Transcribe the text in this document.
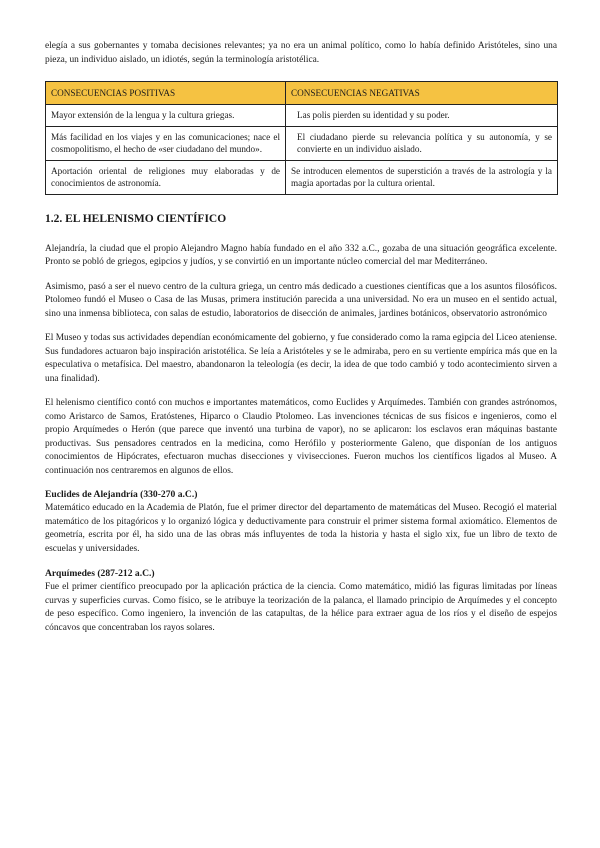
elegía a sus gobernantes y tomaba decisiones relevantes; ya no era un animal político, como lo había definido Aristóteles, sino una pieza, un individuo aislado, un idiotés, según la terminología aristotélica.

CONSECUENCIAS POSITIVAS	CONSECUENCIAS NEGATIVAS
Mayor extensión de la lengua y la cultura griegas.	Las polis pierden su identidad y su poder.
Más facilidad en los viajes y en las comunicaciones; nace el cosmopolitismo, el hecho de «ser ciudadano del mundo».	El ciudadano pierde su relevancia política y su autonomía, y se convierte en un individuo aislado.
Aportación oriental de religiones muy elaboradas y de conocimientos de astronomía.	Se introducen elementos de superstición a través de la astrología y la magia aportadas por la cultura oriental.
1.2. EL HELENISMO CIENTÍFICO

Alejandría, la ciudad que el propio Alejandro Magno había fundado en el año 332 a.C., gozaba de una situación geográfica excelente. Pronto se pobló de griegos, egipcios y judíos, y se convirtió en un importante núcleo comercial del mar Mediterráneo.

Asimismo, pasó a ser el nuevo centro de la cultura griega, un centro más dedicado a cuestiones científicas que a los asuntos filosóficos. Ptolomeo fundó el Museo o Casa de las Musas, primera institución parecida a una universidad. No era un museo en el sentido actual, sino una inmensa biblioteca, con salas de estudio, laboratorios de disección de animales, jardines botánicos, observatorio astronómico

El Museo y todas sus actividades dependían económicamente del gobierno, y fue considerado como la rama egipcia del Liceo ateniense. Sus fundadores actuaron bajo inspiración aristotélica. Se leía a Aristóteles y se le admiraba, pero en su vertiente empírica más que en la especulativa o metafísica. Del maestro, abandonaron la teleología (es decir, la idea de que todo cambió y todo acontecimiento sirven a una finalidad).

El helenismo científico contó con muchos e importantes matemáticos, como Euclides y Arquímedes. También con grandes astrónomos, como Aristarco de Samos, Eratóstenes, Hiparco o Claudio Ptolomeo. Las invenciones técnicas de sus físicos e ingenieros, como el propio Arquímedes o Herón (que parece que inventó una turbina de vapor), no se aplicaron: los esclavos eran máquinas bastante productivas. Sus pensadores centrados en la medicina, como Herófilo y posteriormente Galeno, que disponían de los antiguos conocimientos de Hipócrates, efectuaron muchas disecciones y vivisecciones. Fueron muchos los científicos ligados al Museo. A continuación nos centraremos en algunos de ellos.

Euclides de Alejandría (330-270 a.C.)

Matemático educado en la Academia de Platón, fue el primer director del departamento de matemáticas del Museo. Recogió el material matemático de los pitagóricos y lo organizó lógica y deductivamente para construir el primer sistema formal axiomático. Elementos de geometría, escrita por él, ha sido una de las obras más influyentes de toda la historia y hasta el siglo xix, fue un libro de texto de escuelas y universidades.

Arquímedes (287-212 a.C.)

Fue el primer científico preocupado por la aplicación práctica de la ciencia. Como matemático, midió las figuras limitadas por líneas curvas y superficies curvas. Como físico, se le atribuye la teorización de la palanca, el llamado principio de Arquímedes y el concepto de peso específico. Como ingeniero, la invención de las catapultas, de la hélice para extraer agua de los ríos y el diseño de espejos cóncavos que concentraban los rayos solares.
